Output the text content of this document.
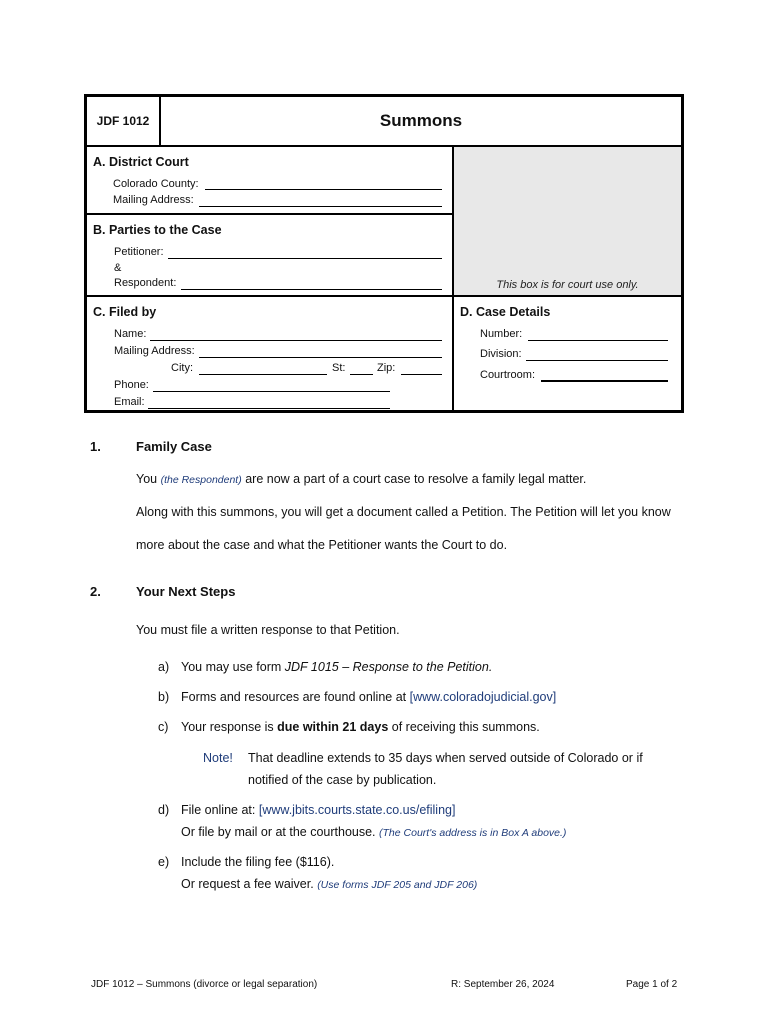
JDF 1012	Summons
This box is for court use only.
A. District Court
Colorado County:
Mailing Address:
B. Parties to the Case
Petitioner:
&
Respondent:
C. Filed by
Name:
Mailing Address:
City:	St:	Zip:
Phone:
Email:
D. Case Details
Number:
Division:
Courtroom:
1.	Family Case
You (the Respondent) are now a part of a court case to resolve a family legal matter.
Along with this summons, you will get a document called a Petition. The Petition will let you know
more about the case and what the Petitioner wants the Court to do.
2.	Your Next Steps
You must file a written response to that Petition.
a) You may use form JDF 1015 – Response to the Petition.
b) Forms and resources are found online at [www.coloradojudicial.gov]
c) Your response is due within 21 days of receiving this summons.
Note! That deadline extends to 35 days when served outside of Colorado or if
notified of the case by publication.
d) File online at: [www.jbits.courts.state.co.us/efiling]
Or file by mail or at the courthouse. (The Court's address is in Box A above.)
e) Include the filing fee ($116).
Or request a fee waiver. (Use forms JDF 205 and JDF 206)
JDF 1012 – Summons (divorce or legal separation)	R: September 26, 2024	Page 1 of 2
